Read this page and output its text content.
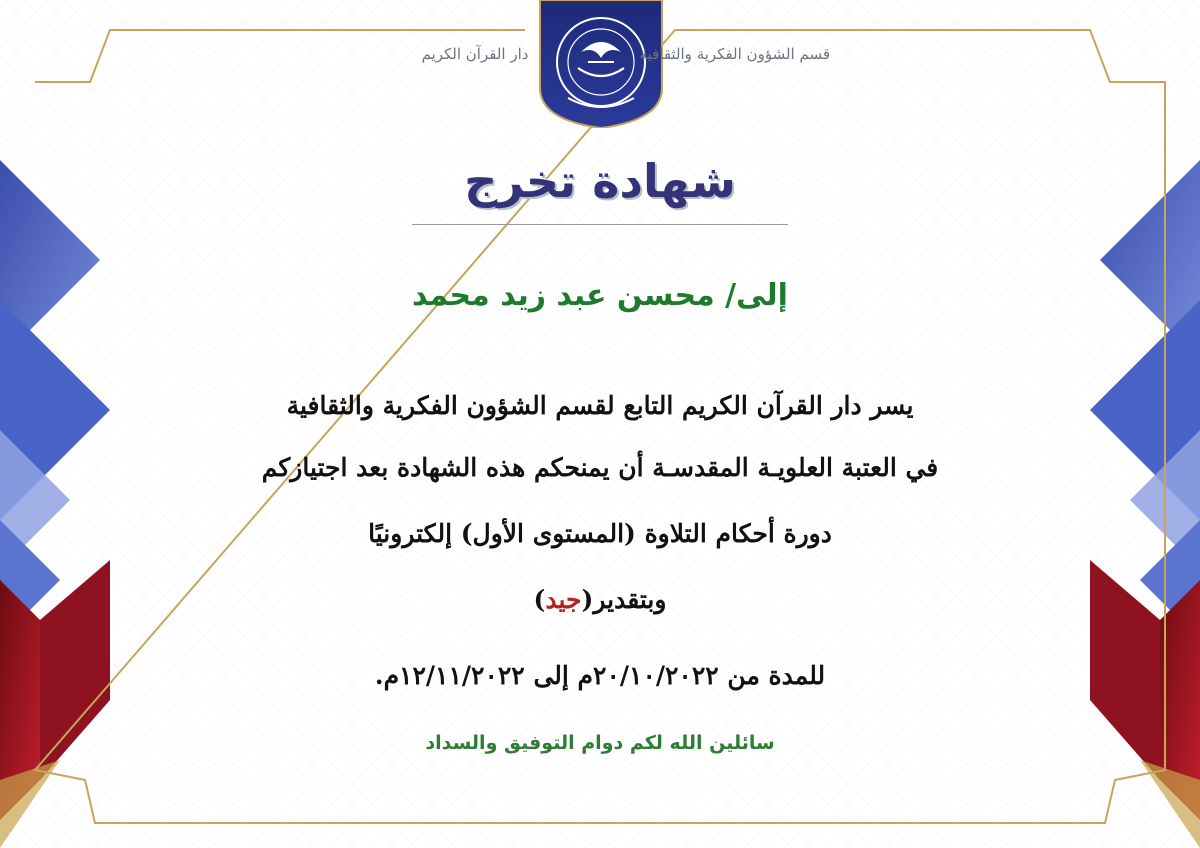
دار القرآن الكريم	قسم الشؤون الفكرية والثقافية
شهادة تخرج
إلى/ محسن عبد زيد محمد
يسر دار القرآن الكريم التابع لقسم الشؤون الفكرية والثقافية
في العتبة العلويـة المقدسـة أن يمنحكم هذه الشهادة بعد اجتيازكم
دورة أحكام التلاوة (المستوى الأول) إلكترونيًا
وبتقدير(جيد)
للمدة من ٢٠/١٠/٢٠٢٢م إلى ١٢/١١/٢٠٢٢م.
سائلين الله لكم دوام التوفيق والسداد
